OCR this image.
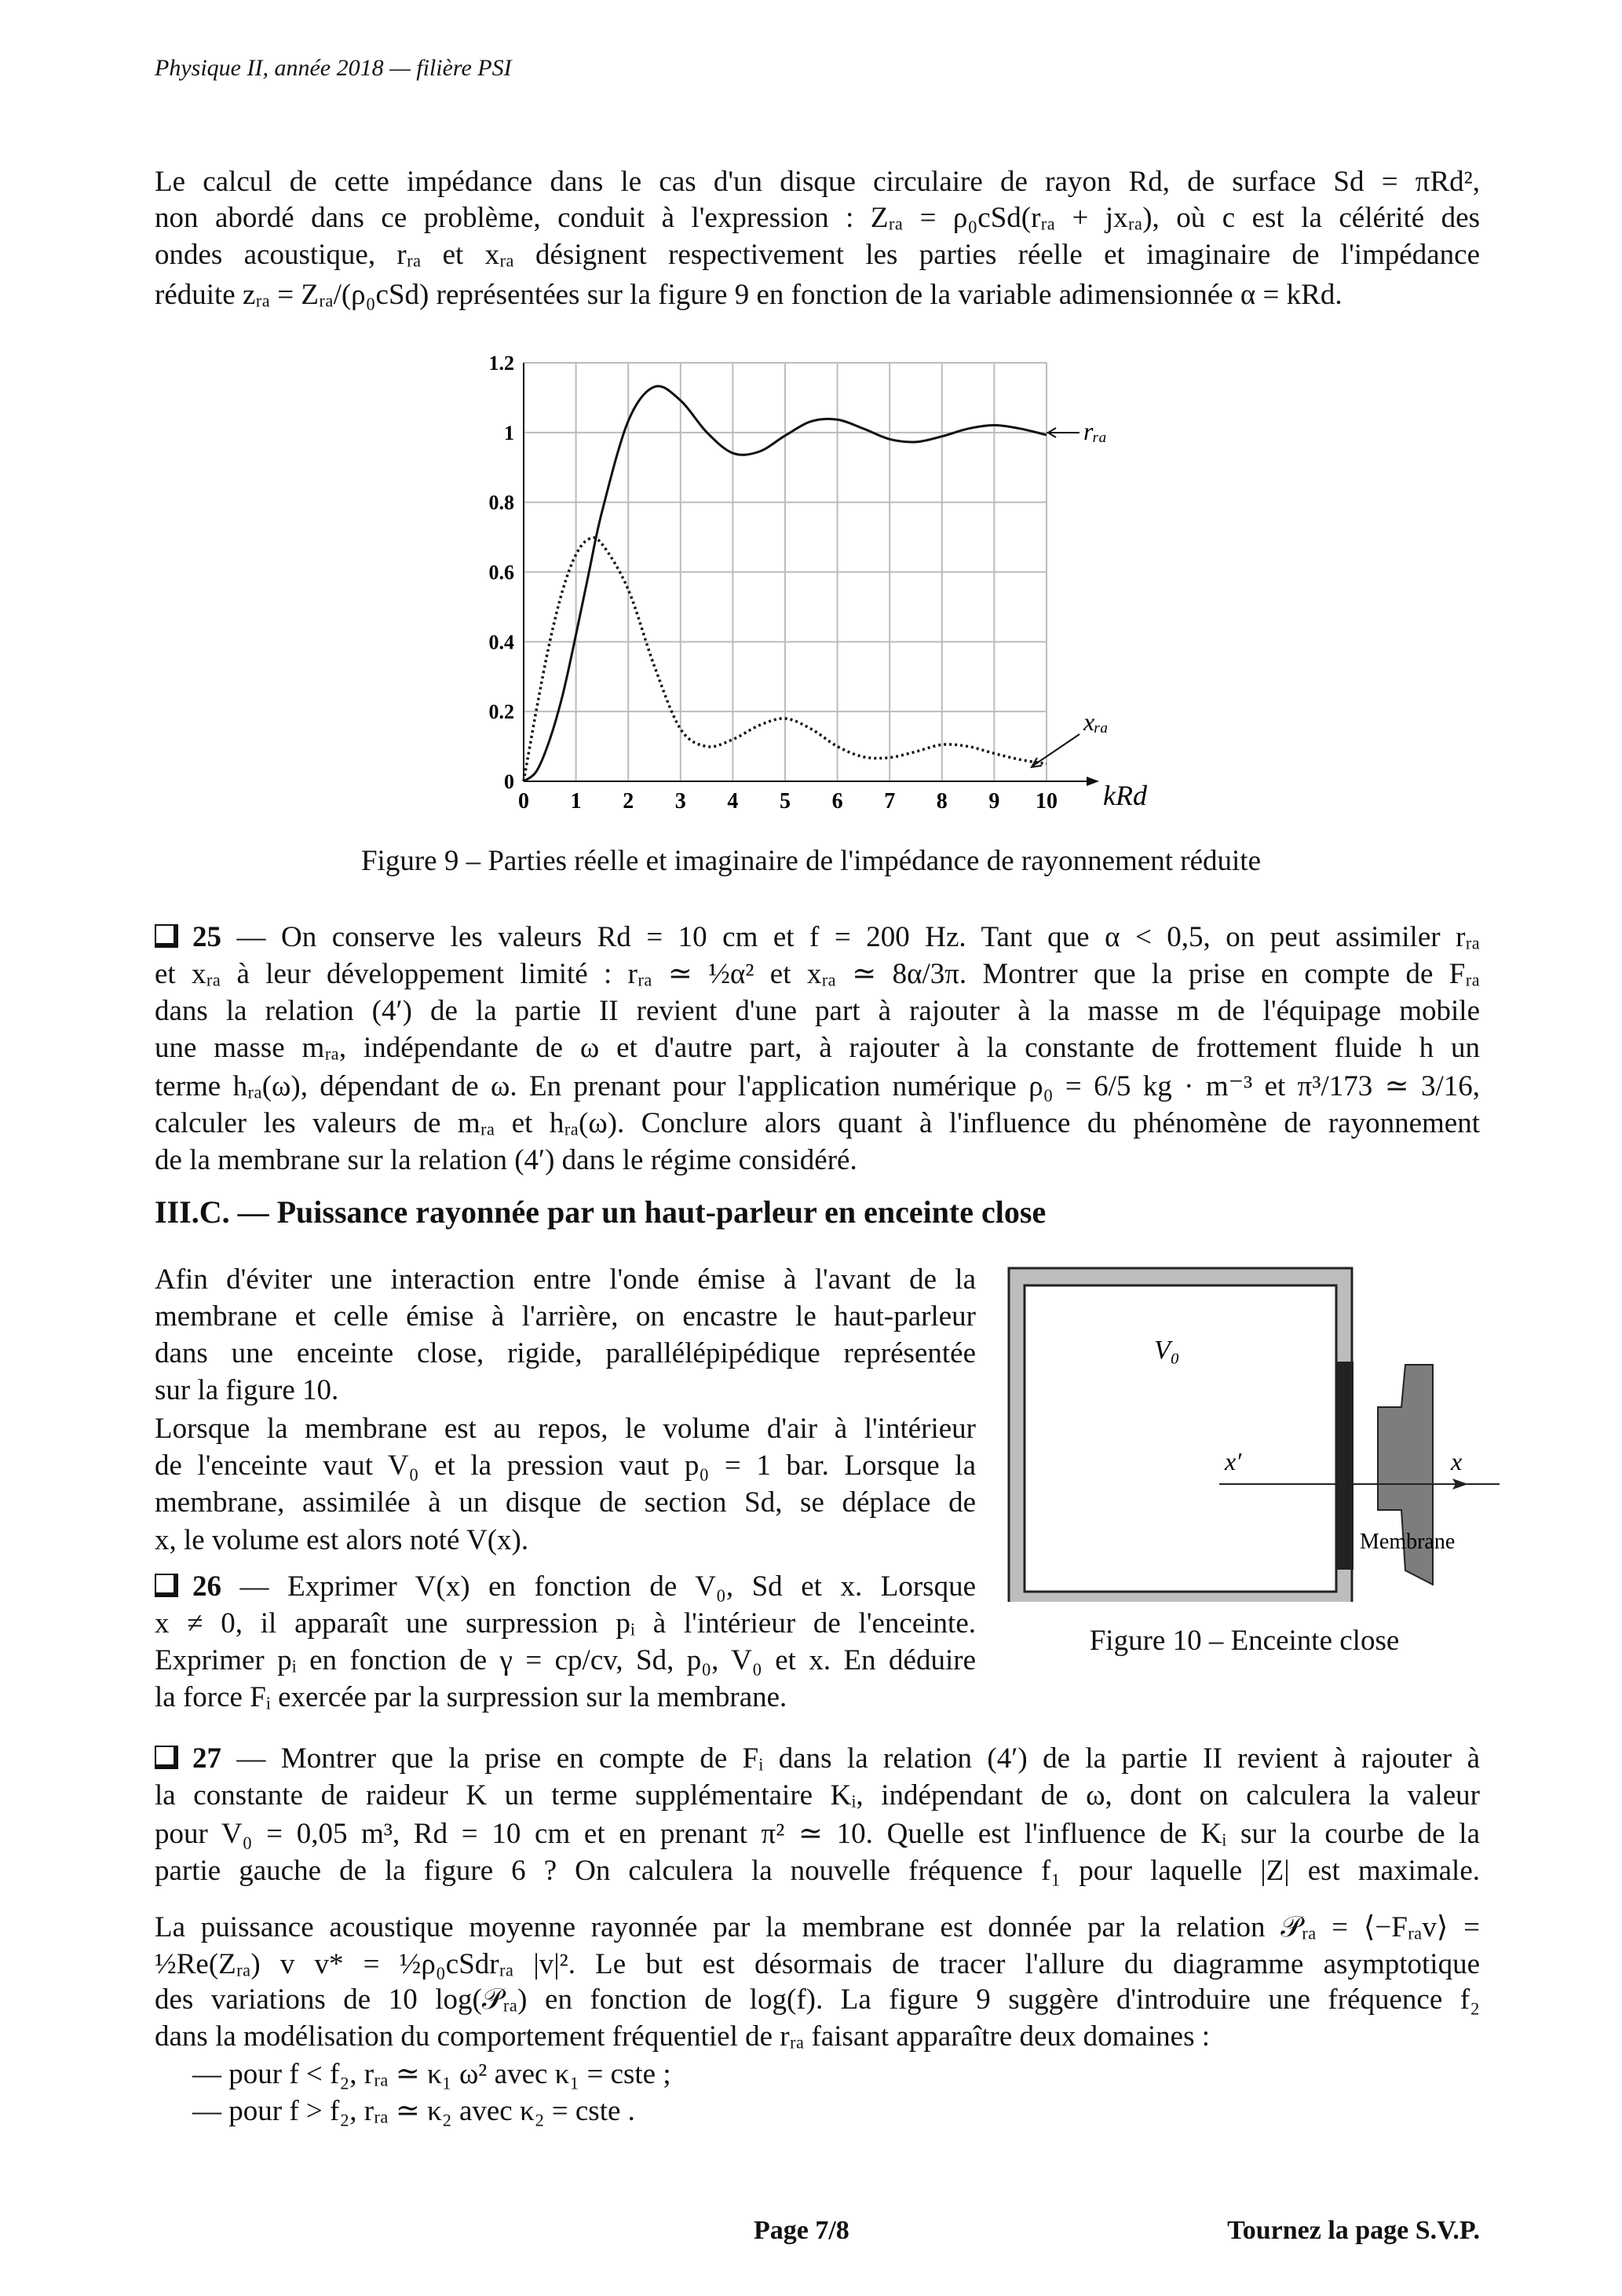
Physique II, année 2018 — filière PSI
Le calcul de cette impédance dans le cas d'un disque circulaire de rayon Rd, de surface Sd = πRd²,
non abordé dans ce problème, conduit à l'expression : Zᵣₐ = ρ₀cSd(rᵣₐ + jxᵣₐ), où c est la célérité des
ondes acoustique, rᵣₐ et xᵣₐ désignent respectivement les parties réelle et imaginaire de l'impédance
réduite zᵣₐ = Zᵣₐ/(ρ₀cSd) représentées sur la figure 9 en fonction de la variable adimensionnée α = kRd.
0 1 2 3 4 5 6 7 8 9 10
0
0.2
0.4
0.6
0.8
1
1.2
kRd
rᵣₐ
xᵣₐ
Figure 9 – Parties réelle et imaginaire de l'impédance de rayonnement réduite
25 — On conserve les valeurs Rd = 10 cm et f = 200 Hz. Tant que α < 0,5, on peut assimiler rᵣₐ
et xᵣₐ à leur développement limité : rᵣₐ ≃ ½α² et xᵣₐ ≃ 8α/3π. Montrer que la prise en compte de Fᵣₐ
dans la relation (4′) de la partie II revient d'une part à rajouter à la masse m de l'équipage mobile
une masse mᵣₐ, indépendante de ω et d'autre part, à rajouter à la constante de frottement fluide h un
terme hᵣₐ(ω), dépendant de ω. En prenant pour l'application numérique ρ₀ = 6/5 kg · m⁻³ et π³/173 ≃ 3/16,
calculer les valeurs de mᵣₐ et hᵣₐ(ω). Conclure alors quant à l'influence du phénomène de rayonnement
de la membrane sur la relation (4′) dans le régime considéré.
III.C. — Puissance rayonnée par un haut-parleur en enceinte close
Afin d'éviter une interaction entre l'onde émise à l'avant de la
membrane et celle émise à l'arrière, on encastre le haut-parleur
dans une enceinte close, rigide, parallélépipédique représentée
sur la figure 10.
Lorsque la membrane est au repos, le volume d'air à l'intérieur
de l'enceinte vaut V₀ et la pression vaut p₀ = 1 bar. Lorsque la
membrane, assimilée à un disque de section Sd, se déplace de
x, le volume est alors noté V(x).
26 — Exprimer V(x) en fonction de V₀, Sd et x. Lorsque
x ≠ 0, il apparaît une surpression pᵢ à l'intérieur de l'enceinte.
Exprimer pᵢ en fonction de γ = cp/cv, Sd, p₀, V₀ et x. En déduire
la force Fᵢ exercée par la surpression sur la membrane.
V₀
x′	x
Membrane
Figure 10 – Enceinte close
27 — Montrer que la prise en compte de Fᵢ dans la relation (4′) de la partie II revient à rajouter à
la constante de raideur K un terme supplémentaire Kᵢ, indépendant de ω, dont on calculera la valeur
pour V₀ = 0,05 m³, Rd = 10 cm et en prenant π² ≃ 10. Quelle est l'influence de Kᵢ sur la courbe de la
partie gauche de la figure 6 ? On calculera la nouvelle fréquence f₁ pour laquelle |Z| est maximale.
La puissance acoustique moyenne rayonnée par la membrane est donnée par la relation 𝒫ᵣₐ = ⟨−Fᵣₐv⟩ =
½Re(Zᵣₐ) v v* = ½ρ₀cSdrᵣₐ |v|². Le but est désormais de tracer l'allure du diagramme asymptotique
des variations de 10 log(𝒫ᵣₐ) en fonction de log(f). La figure 9 suggère d'introduire une fréquence f₂
dans la modélisation du comportement fréquentiel de rᵣₐ faisant apparaître deux domaines :
— pour f < f₂, rᵣₐ ≃ κ₁ ω² avec κ₁ = cste ;
— pour f > f₂, rᵣₐ ≃ κ₂ avec κ₂ = cste .
Page 7/8	Tournez la page S.V.P.
